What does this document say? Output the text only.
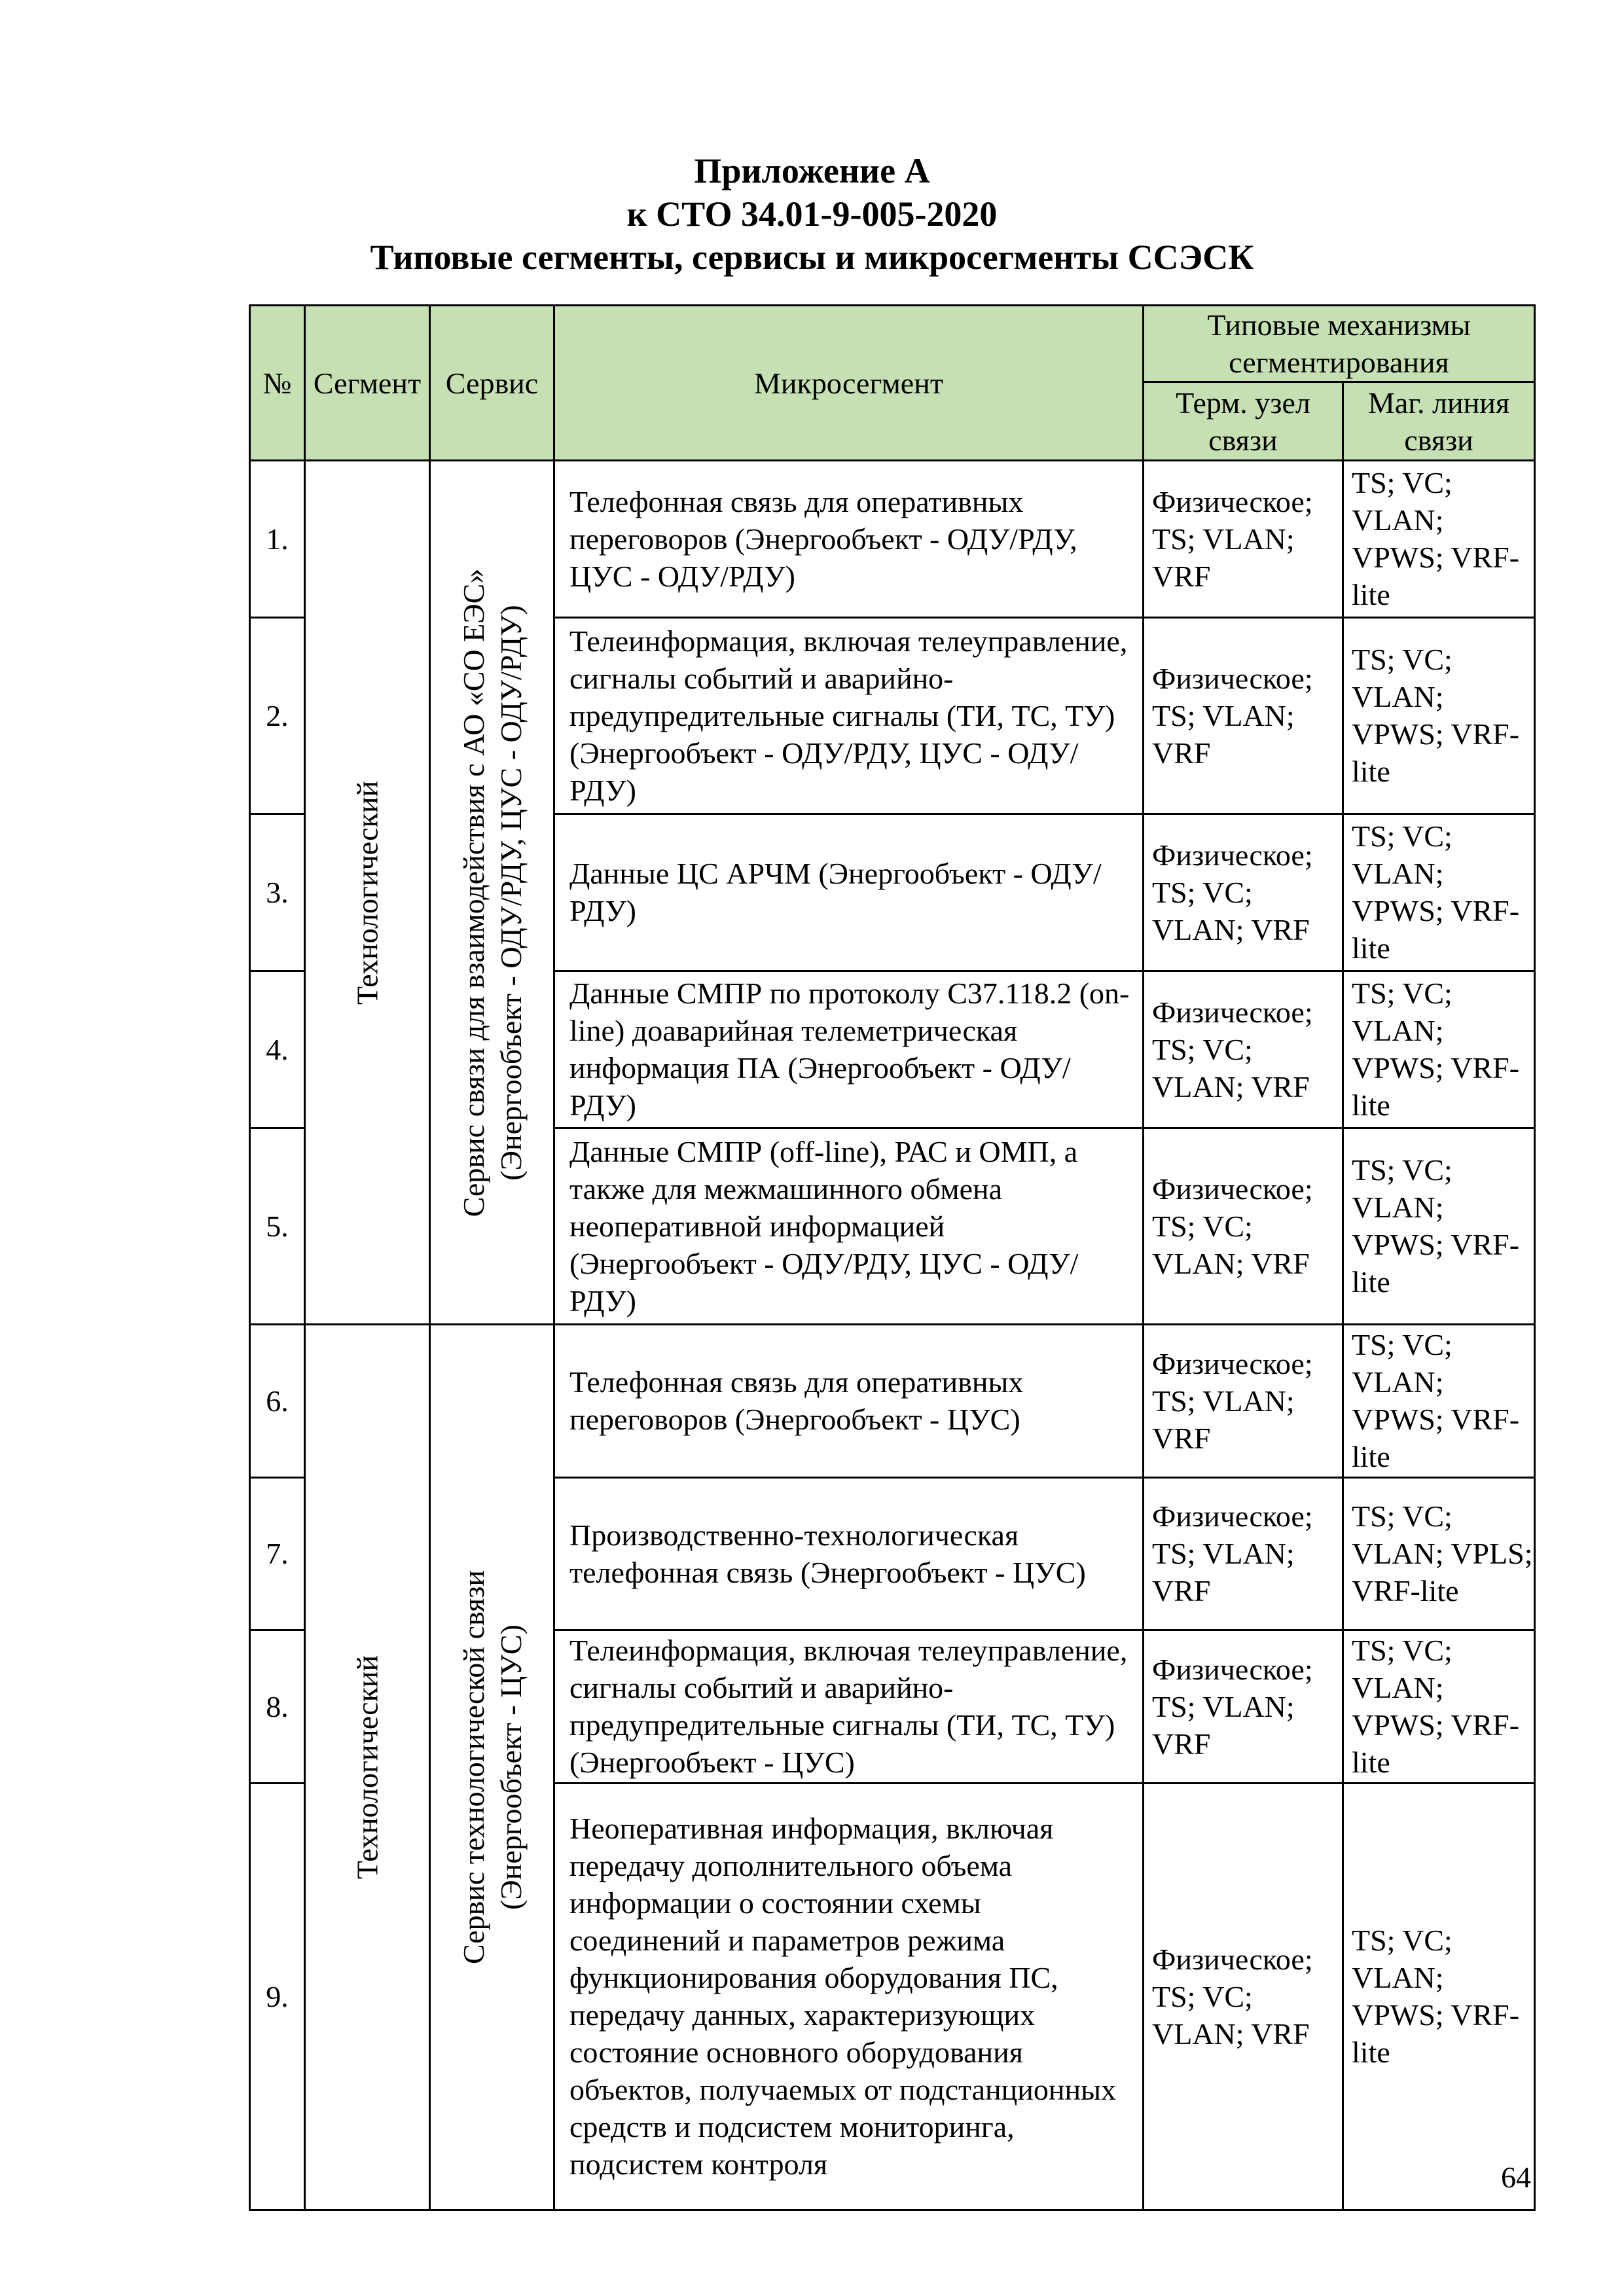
Приложение А
к СТО 34.01-9-005-2020
Типовые сегменты, сервисы и микросегменты ССЭСК
№	Сегмент	Сервис	Микросегмент	Типовые механизмы сегментирования	
				Терм. узел связи	Маг. линия связи
1.	Технологический	Сервис связи для взаимодействия с АО «СО ЕЭС» (Энергообъект - ОДУ/РДУ, ЦУС - ОДУ/РДУ)	Телефонная связь для оперативных переговоров (Энергообъект - ОДУ/РДУ, ЦУС - ОДУ/РДУ)	Физическое; TS; VLAN; VRF	TS; VC; VLAN; VPWS; VRF-lite
2.			Телеинформация, включая телеуправление, сигналы событий и аварийно-предупредительные сигналы (ТИ, ТС, ТУ) (Энергообъект - ОДУ/РДУ, ЦУС - ОДУ/РДУ)	Физическое; TS; VLAN; VRF	TS; VC; VLAN; VPWS; VRF-lite
3.			Данные ЦС АРЧМ (Энергообъект - ОДУ/РДУ)	Физическое; TS; VC; VLAN; VRF	TS; VC; VLAN; VPWS; VRF-lite
4.			Данные СМПР по протоколу C37.118.2 (on-line) доаварийная телеметрическая информация ПА (Энергообъект - ОДУ/РДУ)	Физическое; TS; VC; VLAN; VRF	TS; VC; VLAN; VPWS; VRF-lite
5.			Данные СМПР (off-line), РАС и ОМП, а также для межмашинного обмена неоперативной информацией (Энергообъект - ОДУ/РДУ, ЦУС - ОДУ/РДУ)	Физическое; TS; VC; VLAN; VRF	TS; VC; VLAN; VPWS; VRF-lite
6.	Технологический	Сервис технологической связи (Энергообъект - ЦУС)	Телефонная связь для оперативных переговоров (Энергообъект - ЦУС)	Физическое; TS; VLAN; VRF	TS; VC; VLAN; VPWS; VRF-lite
7.			Производственно-технологическая телефонная связь (Энергообъект - ЦУС)	Физическое; TS; VLAN; VRF	TS; VC; VLAN; VPLS; VRF-lite
8.			Телеинформация, включая телеуправление, сигналы событий и аварийно-предупредительные сигналы (ТИ, ТС, ТУ) (Энергообъект - ЦУС)	Физическое; TS; VLAN; VRF	TS; VC; VLAN; VPWS; VRF-lite
9.			Неоперативная информация, включая передачу дополнительного объема информации о состоянии схемы соединений и параметров режима функционирования оборудования ПС, передачу данных, характеризующих состояние основного оборудования объектов, получаемых от подстанционных средств и подсистем мониторинга, подсистем контроля	Физическое; TS; VC; VLAN; VRF	TS; VC; VLAN; VPWS; VRF-lite
64
